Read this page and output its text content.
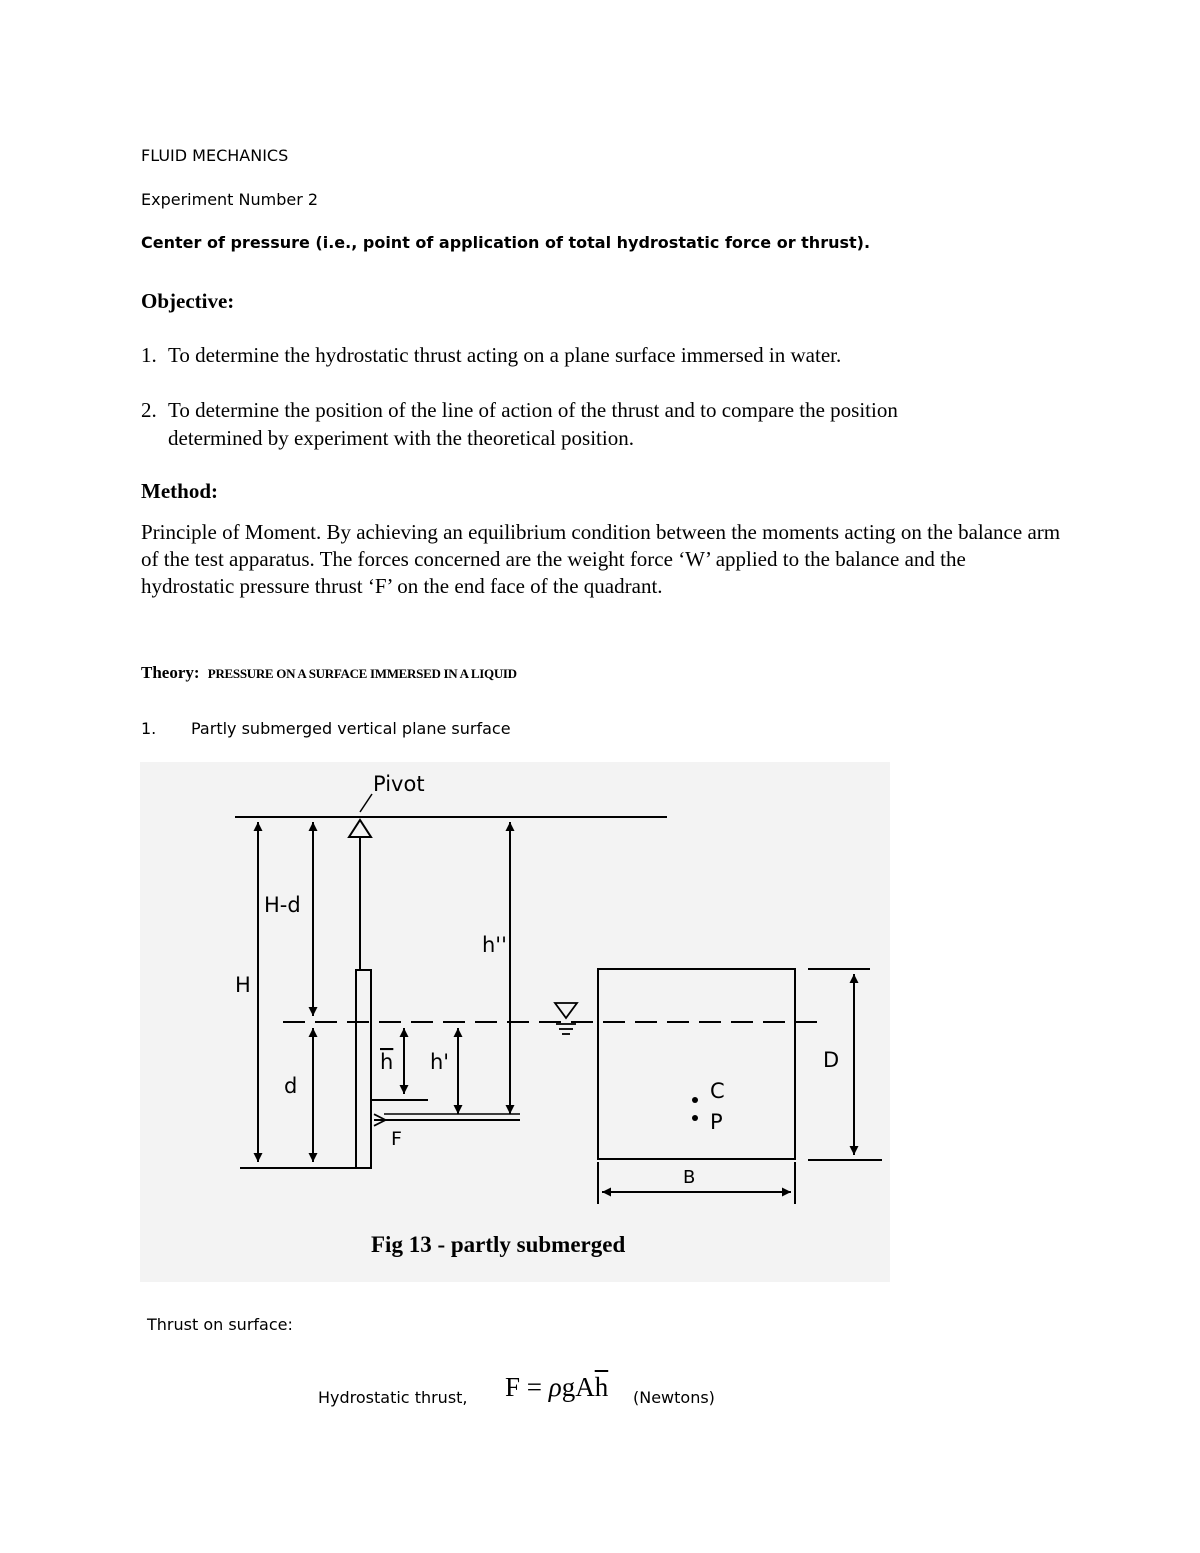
FLUID MECHANICS
Experiment Number 2
Center of pressure (i.e., point of application of total hydrostatic force or thrust).
Objective:
1. To determine the hydrostatic thrust acting on a plane surface immersed in water.
2. To determine the position of the line of action of the thrust and to compare the position
determined by experiment with the theoretical position.
Method:
Principle of Moment. By achieving an equilibrium condition between the moments acting on the balance arm of the test apparatus. The forces concerned are the weight force ‘W’ applied to the balance and the hydrostatic pressure thrust ‘F’ on the end face of the quadrant.
Theory: PRESSURE ON A SURFACE IMMERSED IN A LIQUID
1. Partly submerged vertical plane surface
Pivot
H-d
H
d
h h'
h''
F
C
P
D
B
Fig 13 - partly submerged
Thrust on surface:
Hydrostatic thrust, $F = \rho gA\overline{h}$ (Newtons)
